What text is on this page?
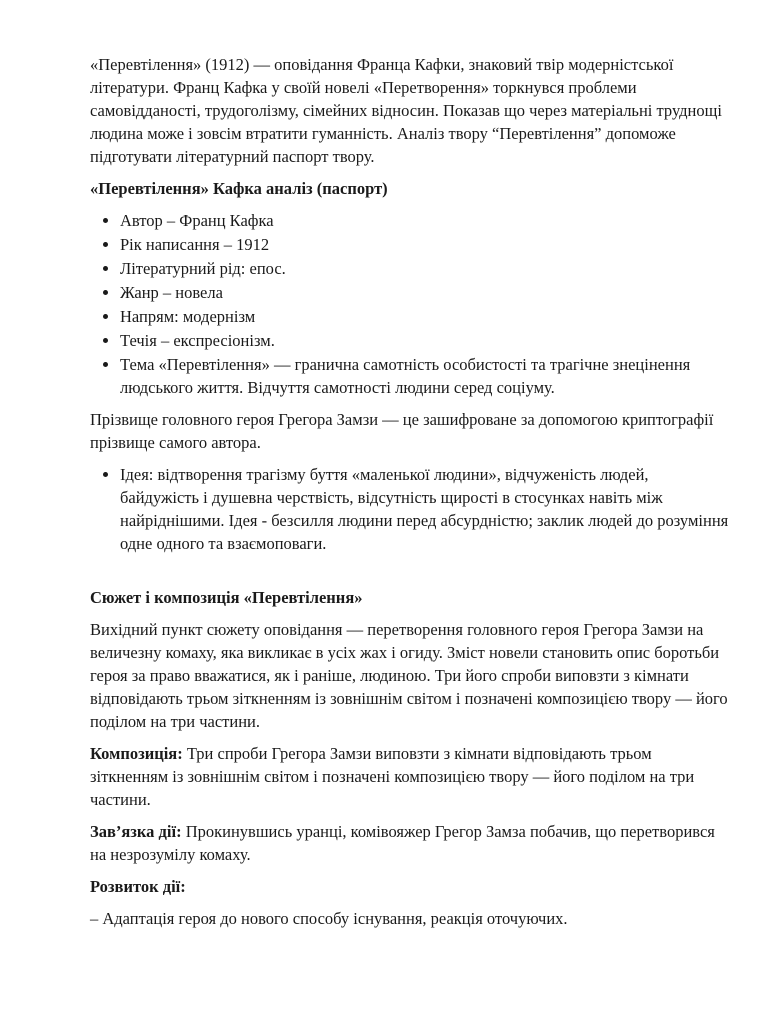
«Перевтілення» (1912) — оповідання Франца Кафки, знаковий твір модерністської літератури. Франц Кафка у своїй новелі «Перетворення» торкнувся проблеми самовідданості, трудоголізму, сімейних відносин. Показав що через матеріальні труднощі людина може і зовсім втратити гуманність. Аналіз твору “Перевтілення” допоможе підготувати літературний паспорт твору.

«Перевтілення» Кафка аналіз (паспорт)

• Автор – Франц Кафка
• Рік написання – 1912
• Літературний рід: епос.
• Жанр – новела
• Напрям: модернізм
• Течія – експресіонізм.
• Тема «Перевтілення» — гранична самотність особистості та трагічне знецінення людського життя. Відчуття самотності людини серед соціуму.

Прізвище головного героя Грегора Замзи — це зашифроване за допомогою криптографії прізвище самого автора.

• Ідея: відтворення трагізму буття «маленької людини», відчуженість людей, байдужість і душевна черствість, відсутність щирості в стосунках навіть між найріднішими. Ідея - безсилля людини перед абсурдністю; заклик людей до розуміння одне одного та взаємоповаги.

Сюжет і композиція «Перевтілення»

Вихідний пункт сюжету оповідання — перетворення головного героя Грегора Замзи на величезну комаху, яка викликає в усіх жах і огиду. Зміст новели становить опис боротьби героя за право вважатися, як і раніше, людиною. Три його спроби виповзти з кімнати відповідають трьом зіткненням із зовнішнім світом і позначені композицією твору — його поділом на три частини.

Композиція: Три спроби Грегора Замзи виповзти з кімнати відповідають трьом зіткненням із зовнішнім світом і позначені композицією твору — його поділом на три частини.

Зав’язка дії: Прокинувшись уранці, комівояжер Грегор Замза побачив, що перетворився на незрозумілу комаху.

Розвиток дії:

– Адаптація героя до нового способу існування, реакція оточуючих.
